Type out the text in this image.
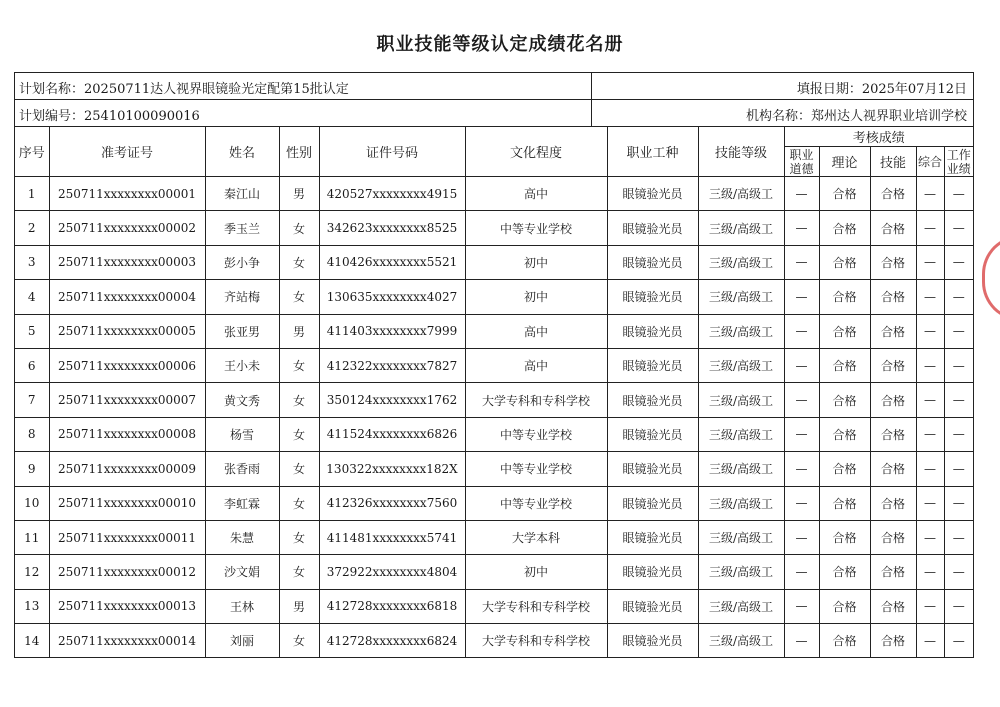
职业技能等级认定成绩花名册
计划名称：20250711达人视界眼镜验光定配第15批认定	填报日期：2025年07月12日
计划编号：25410100090016	机构名称：郑州达人视界职业培训学校
序号	准考证号	姓名	性别	证件号码	文化程度	职业工种	技能等级	考核成绩				
								职业道德	理论	技能	综合	工作业绩
1	250711xxxxxxxx00001	秦江山	男	420527xxxxxxxx4915	高中	眼镜验光员	三级/高级工	—	合格	合格	—	—
2	250711xxxxxxxx00002	季玉兰	女	342623xxxxxxxx8525	中等专业学校	眼镜验光员	三级/高级工	—	合格	合格	—	—
3	250711xxxxxxxx00003	彭小争	女	410426xxxxxxxx5521	初中	眼镜验光员	三级/高级工	—	合格	合格	—	—
4	250711xxxxxxxx00004	齐站梅	女	130635xxxxxxxx4027	初中	眼镜验光员	三级/高级工	—	合格	合格	—	—
5	250711xxxxxxxx00005	张亚男	男	411403xxxxxxxx7999	高中	眼镜验光员	三级/高级工	—	合格	合格	—	—
6	250711xxxxxxxx00006	王小未	女	412322xxxxxxxx7827	高中	眼镜验光员	三级/高级工	—	合格	合格	—	—
7	250711xxxxxxxx00007	黄文秀	女	350124xxxxxxxx1762	大学专科和专科学校	眼镜验光员	三级/高级工	—	合格	合格	—	—
8	250711xxxxxxxx00008	杨雪	女	411524xxxxxxxx6826	中等专业学校	眼镜验光员	三级/高级工	—	合格	合格	—	—
9	250711xxxxxxxx00009	张香雨	女	130322xxxxxxxx182X	中等专业学校	眼镜验光员	三级/高级工	—	合格	合格	—	—
10	250711xxxxxxxx00010	李虹霖	女	412326xxxxxxxx7560	中等专业学校	眼镜验光员	三级/高级工	—	合格	合格	—	—
11	250711xxxxxxxx00011	朱慧	女	411481xxxxxxxx5741	大学本科	眼镜验光员	三级/高级工	—	合格	合格	—	—
12	250711xxxxxxxx00012	沙文娟	女	372922xxxxxxxx4804	初中	眼镜验光员	三级/高级工	—	合格	合格	—	—
13	250711xxxxxxxx00013	王林	男	412728xxxxxxxx6818	大学专科和专科学校	眼镜验光员	三级/高级工	—	合格	合格	—	—
14	250711xxxxxxxx00014	刘丽	女	412728xxxxxxxx6824	大学专科和专科学校	眼镜验光员	三级/高级工	—	合格	合格	—	—
